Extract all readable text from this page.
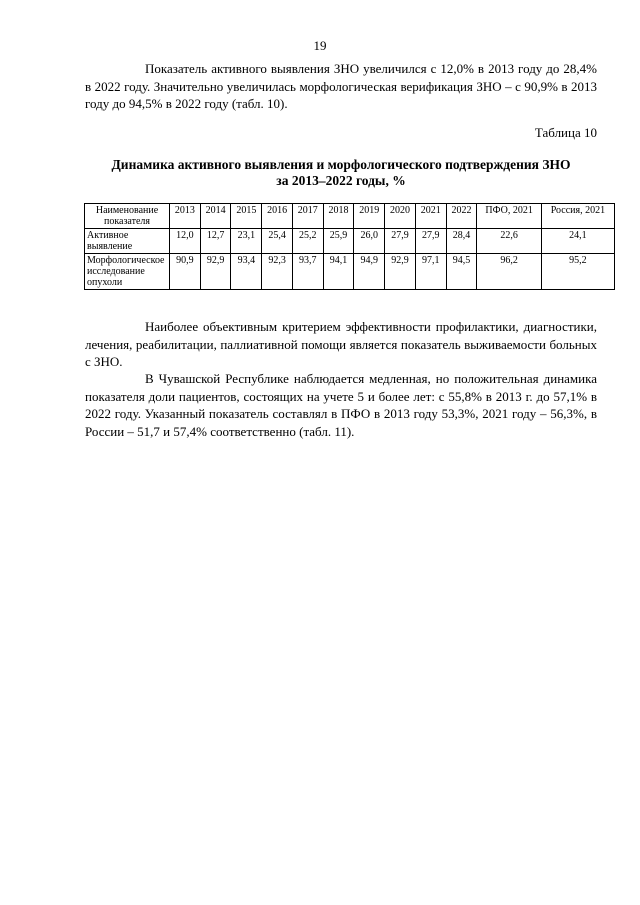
19
Показатель активного выявления ЗНО увеличился с 12,0% в 2013 году до 28,4% в 2022 году. Значительно увеличилась морфологическая верификация ЗНО – с 90,9% в 2013 году до 94,5% в 2022 году (табл. 10).
Таблица 10
Динамика активного выявления и морфологического подтверждения ЗНО
за 2013–2022 годы, %
Наименование показателя	2013	2014	2015	2016	2017	2018	2019	2020	2021	2022	ПФО, 2021	Россия, 2021
Активное выявление	12,0	12,7	23,1	25,4	25,2	25,9	26,0	27,9	27,9	28,4	22,6	24,1
Морфологическое исследование опухоли	90,9	92,9	93,4	92,3	93,7	94,1	94,9	92,9	97,1	94,5	96,2	95,2
Наиболее объективным критерием эффективности профилактики, диагностики, лечения, реабилитации, паллиативной помощи является показатель выживаемости больных с ЗНО.
В Чувашской Республике наблюдается медленная, но положительная динамика показателя доли пациентов, состоящих на учете 5 и более лет: с 55,8% в 2013 г. до 57,1% в 2022 году. Указанный показатель составлял в ПФО в 2013 году 53,3%, 2021 году – 56,3%, в России – 51,7 и 57,4% соответственно (табл. 11).
